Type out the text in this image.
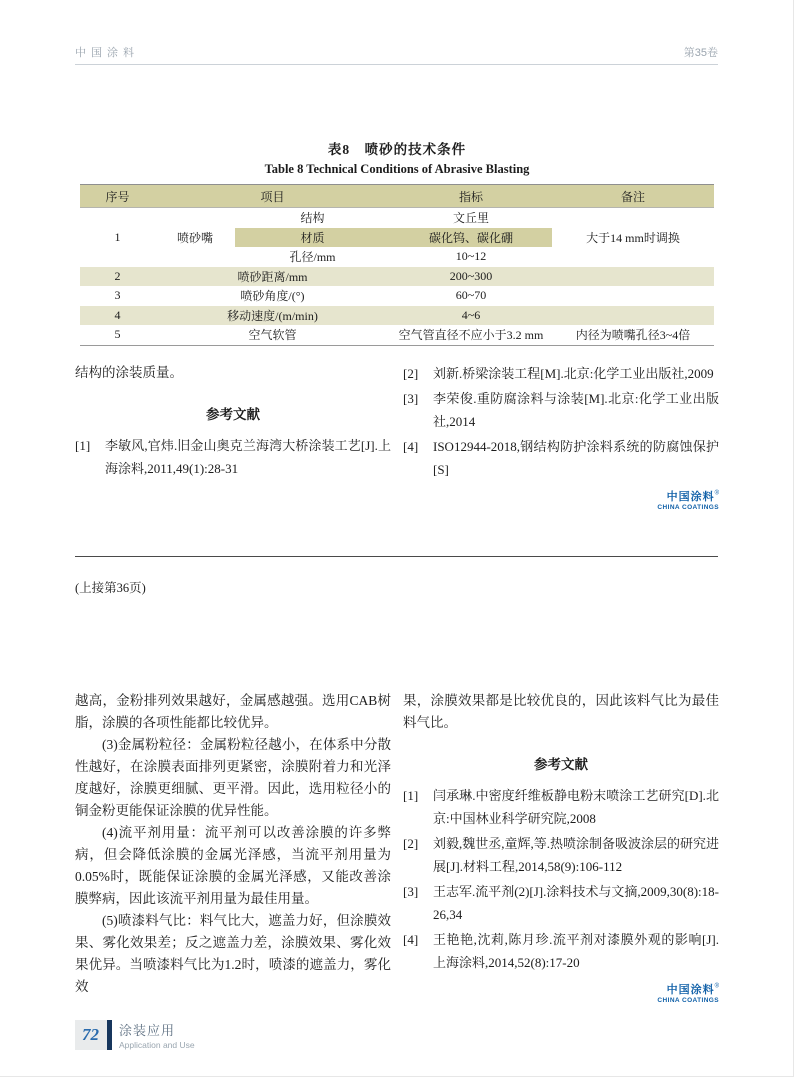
中国涂料	第35卷
表8　喷砂的技术条件
Table 8 Technical Conditions of Abrasive Blasting
序号	项目		指标	备注
1	喷砂嘴	结构	文丘里	大于14 mm时调换
		材质	碳化钨、碳化硼	
		孔径/mm	10~12	
2	喷砂距离/mm		200~300	
3	喷砂角度/(°)		60~70	
4	移动速度/(m/min)		4~6	
5	空气软管		空气管直径不应小于3.2 mm	内径为喷嘴孔径3~4倍

结构的涂装质量。

参考文献
[1]	李敏风,官炜.旧金山奥克兰海湾大桥涂装工艺[J].上海涂料,2011,49(1):28-31
[2]	刘新.桥梁涂装工程[M].北京:化学工业出版社,2009
[3]	李荣俊.重防腐涂料与涂装[M].北京:化学工业出版社,2014
[4]	ISO12944-2018,钢结构防护涂料系统的防腐蚀保护[S]
中国涂料®
CHINA COATINGS
(上接第36页)

越高，金粉排列效果越好，金属感越强。选用CAB树脂，涂膜的各项性能都比较优异。

(3)金属粉粒径：金属粉粒径越小，在体系中分散性越好，在涂膜表面排列更紧密，涂膜附着力和光泽度越好，涂膜更细腻、更平滑。因此，选用粒径小的铜金粉更能保证涂膜的优异性能。

(4)流平剂用量：流平剂可以改善涂膜的许多弊病，但会降低涂膜的金属光泽感，当流平剂用量为0.05%时，既能保证涂膜的金属光泽感，又能改善涂膜弊病，因此该流平剂用量为最佳用量。

(5)喷漆料气比：料气比大，遮盖力好，但涂膜效果、雾化效果差；反之遮盖力差，涂膜效果、雾化效果优异。当喷漆料气比为1.2时，喷漆的遮盖力，雾化效

果，涂膜效果都是比较优良的，因此该料气比为最佳料气比。

参考文献
[1]	闫承琳.中密度纤维板静电粉末喷涂工艺研究[D].北京:中国林业科学研究院,2008
[2]	刘毅,魏世丞,童辉,等.热喷涂制备吸波涂层的研究进展[J].材料工程,2014,58(9):106-112
[3]	王志军.流平剂(2)[J].涂料技术与文摘,2009,30(8):18-26,34
[4]	王艳艳,沈莉,陈月珍.流平剂对漆膜外观的影响[J].上海涂料,2014,52(8):17-20
中国涂料®
CHINA COATINGS
72	涂装应用
Application and Use
